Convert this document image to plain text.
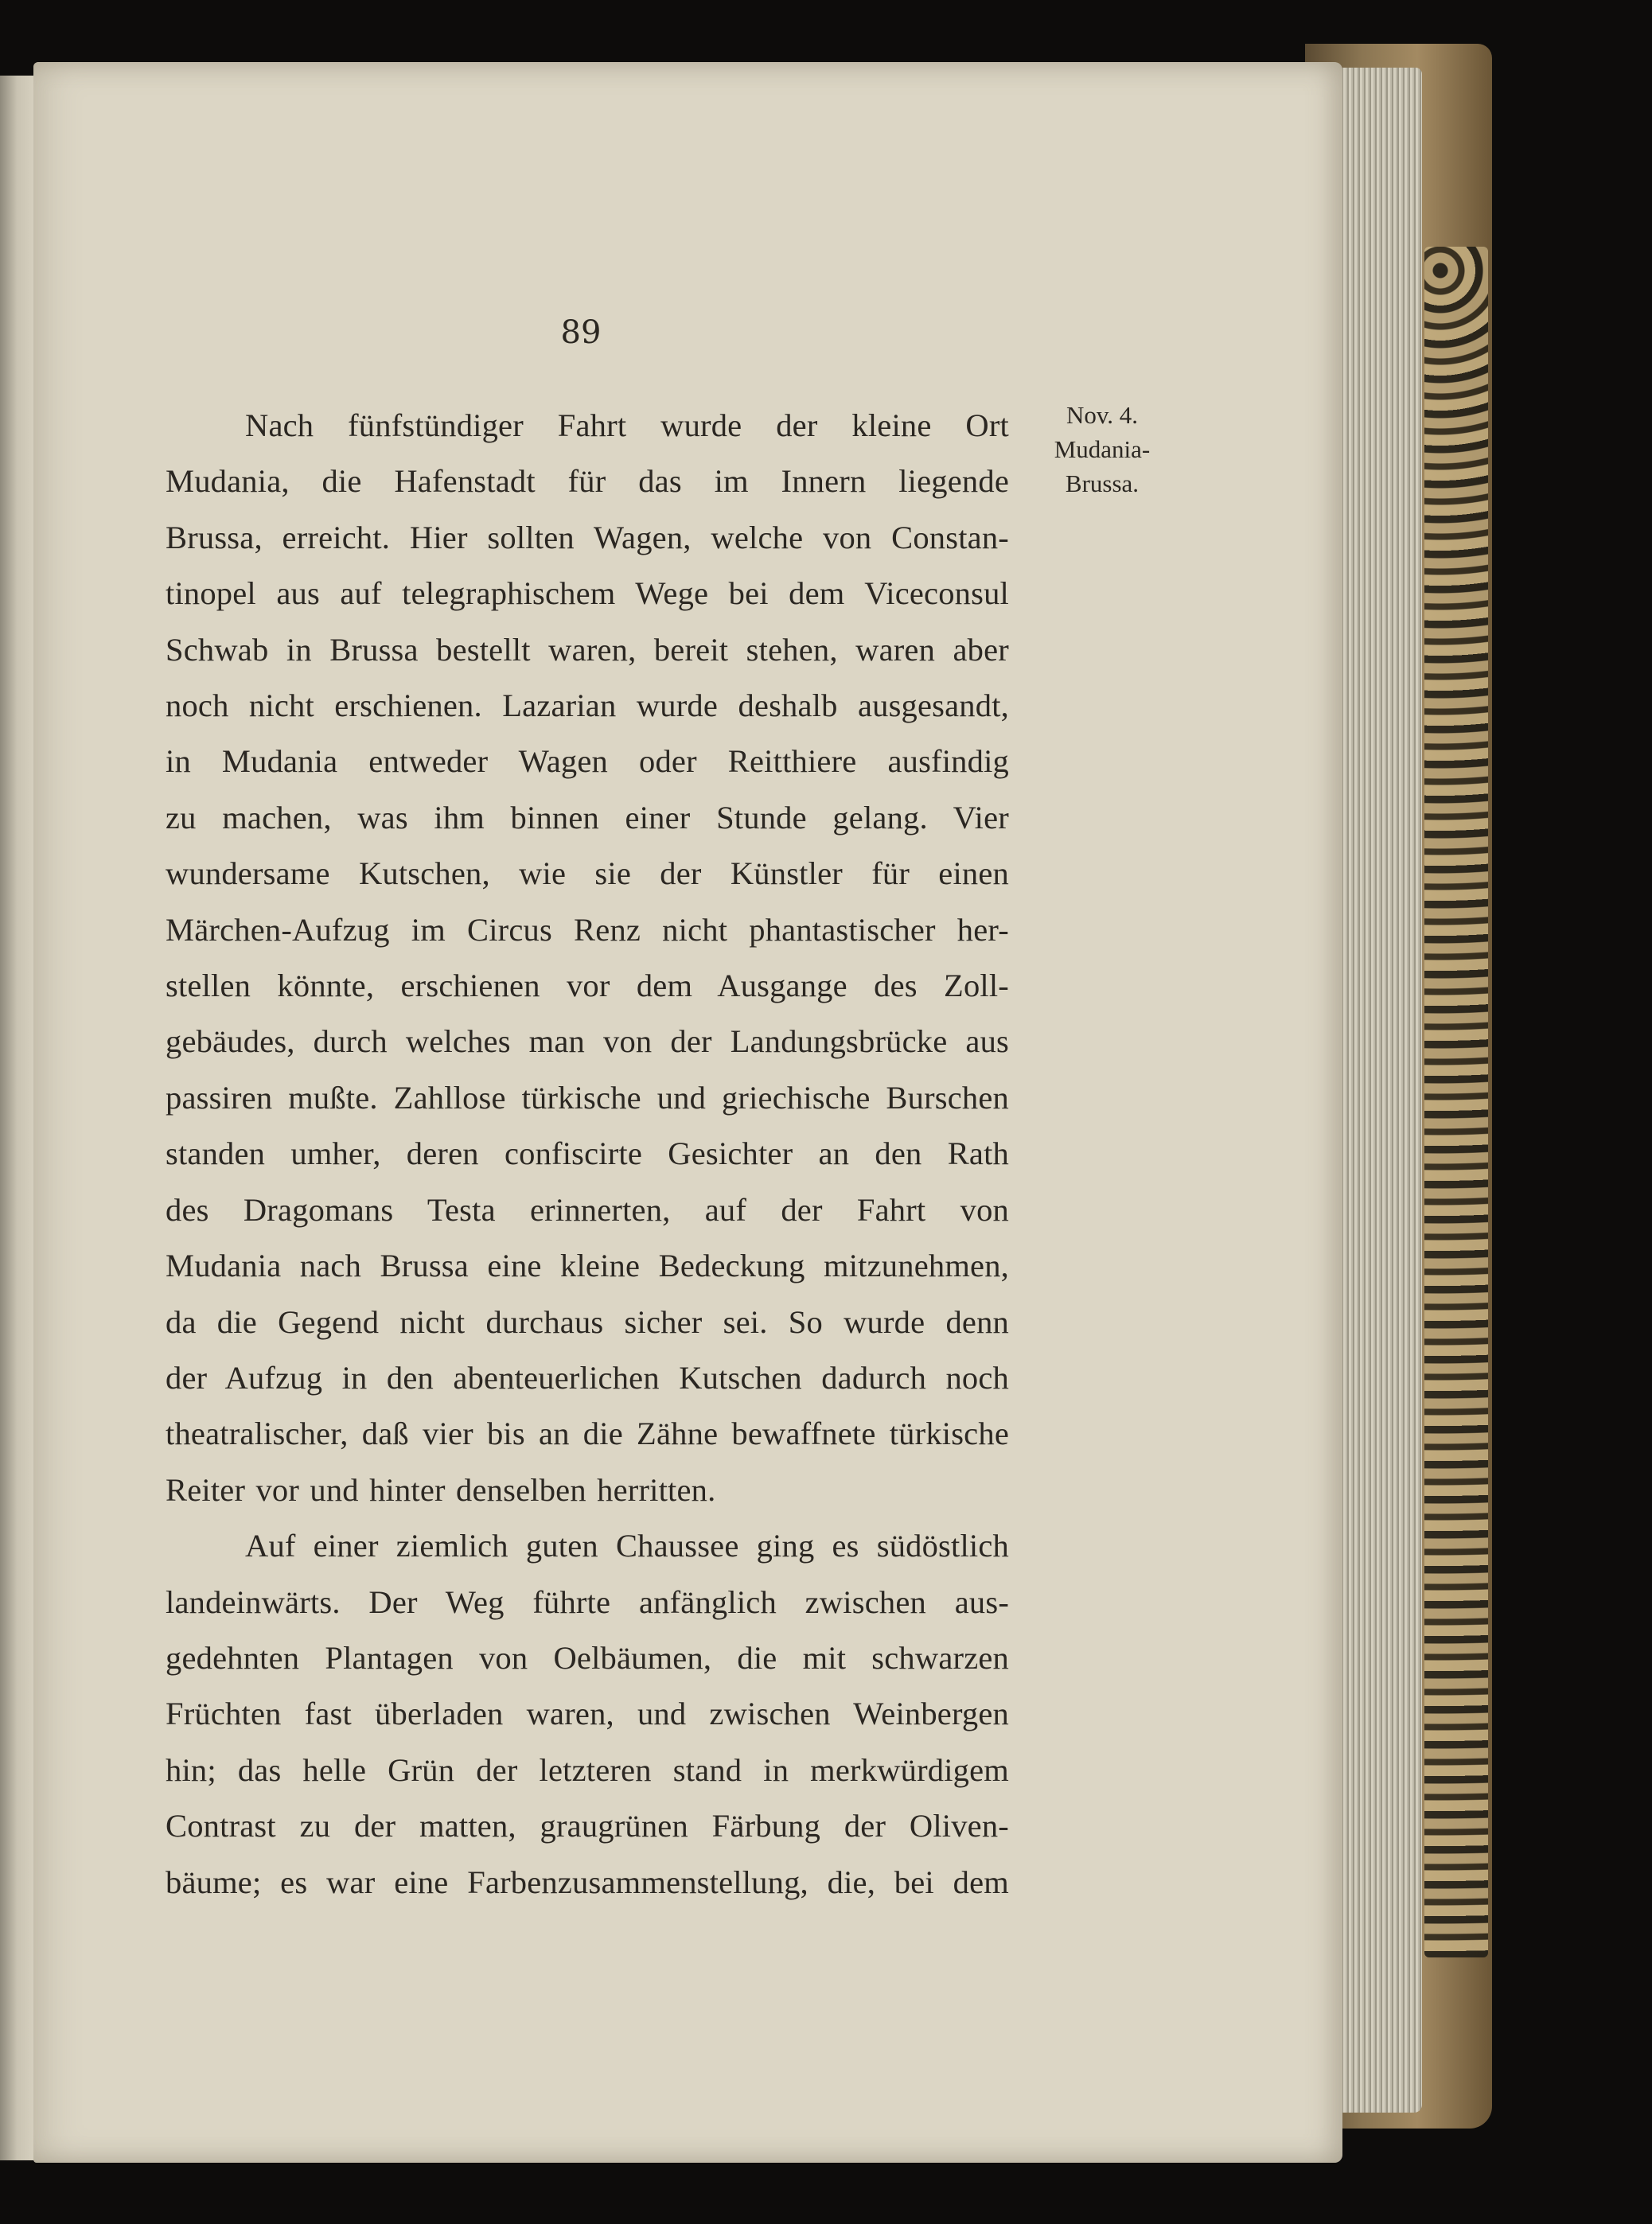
89
Nov. 4.
Mudania-
Brussa.

Nach fünfstündiger Fahrt wurde der kleine Ort
Mudania, die Hafenstadt für das im Innern liegende
Brussa, erreicht. Hier sollten Wagen, welche von Constan-
tinopel aus auf telegraphischem Wege bei dem Viceconsul
Schwab in Brussa bestellt waren, bereit stehen, waren aber
noch nicht erschienen. Lazarian wurde deshalb ausgesandt,
in Mudania entweder Wagen oder Reitthiere ausfindig
zu machen, was ihm binnen einer Stunde gelang. Vier
wundersame Kutschen, wie sie der Künstler für einen
Märchen-Aufzug im Circus Renz nicht phantastischer her-
stellen könnte, erschienen vor dem Ausgange des Zoll-
gebäudes, durch welches man von der Landungsbrücke aus
passiren mußte. Zahllose türkische und griechische Burschen
standen umher, deren confiscirte Gesichter an den Rath
des Dragomans Testa erinnerten, auf der Fahrt von
Mudania nach Brussa eine kleine Bedeckung mitzunehmen,
da die Gegend nicht durchaus sicher sei. So wurde denn
der Aufzug in den abenteuerlichen Kutschen dadurch noch
theatralischer, daß vier bis an die Zähne bewaffnete türkische
Reiter vor und hinter denselben herritten.

Auf einer ziemlich guten Chaussee ging es südöstlich
landeinwärts. Der Weg führte anfänglich zwischen aus-
gedehnten Plantagen von Oelbäumen, die mit schwarzen
Früchten fast überladen waren, und zwischen Weinbergen
hin; das helle Grün der letzteren stand in merkwürdigem
Contrast zu der matten, graugrünen Färbung der Oliven-
bäume; es war eine Farbenzusammenstellung, die, bei dem
